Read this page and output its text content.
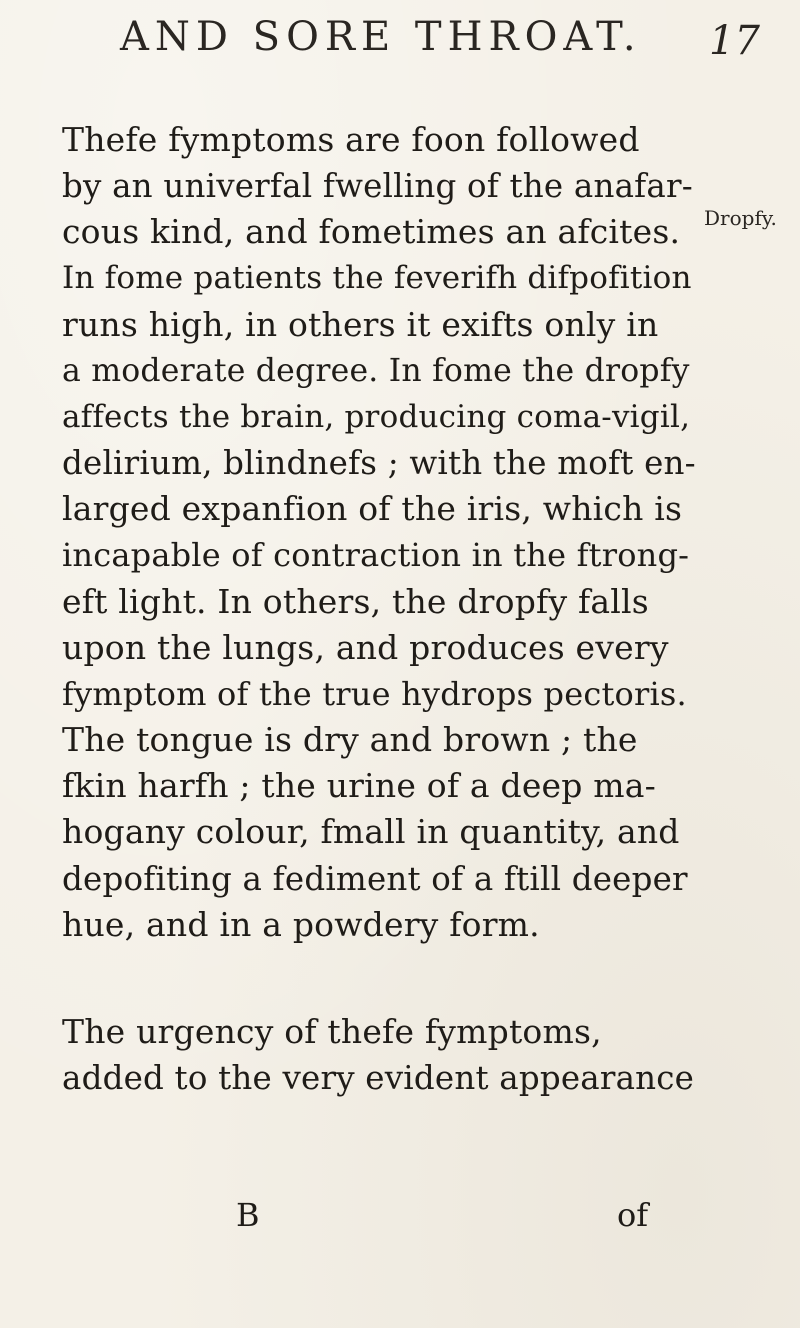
AND SORE THROAT. 17
Dropfy.
Thefe fymptoms are foon followed
by an univerfal fwelling of the anafar-
cous kind, and fometimes an afcites.
In fome patients the feverifh difpofition
runs high, in others it exifts only in
a moderate degree. In fome the dropfy
affects the brain, producing coma-vigil,
delirium, blindnefs ; with the moft en-
larged expanfion of the iris, which is
incapable of contraction in the ftrong-
eft light. In others, the dropfy falls
upon the lungs, and produces every
fymptom of the true hydrops pectoris.
The tongue is dry and brown ; the
fkin harfh ; the urine of a deep ma-
hogany colour, fmall in quantity, and
depofiting a fediment of a ftill deeper
hue, and in a powdery form.
The urgency of thefe fymptoms,
added to the very evident appearance
B	of
